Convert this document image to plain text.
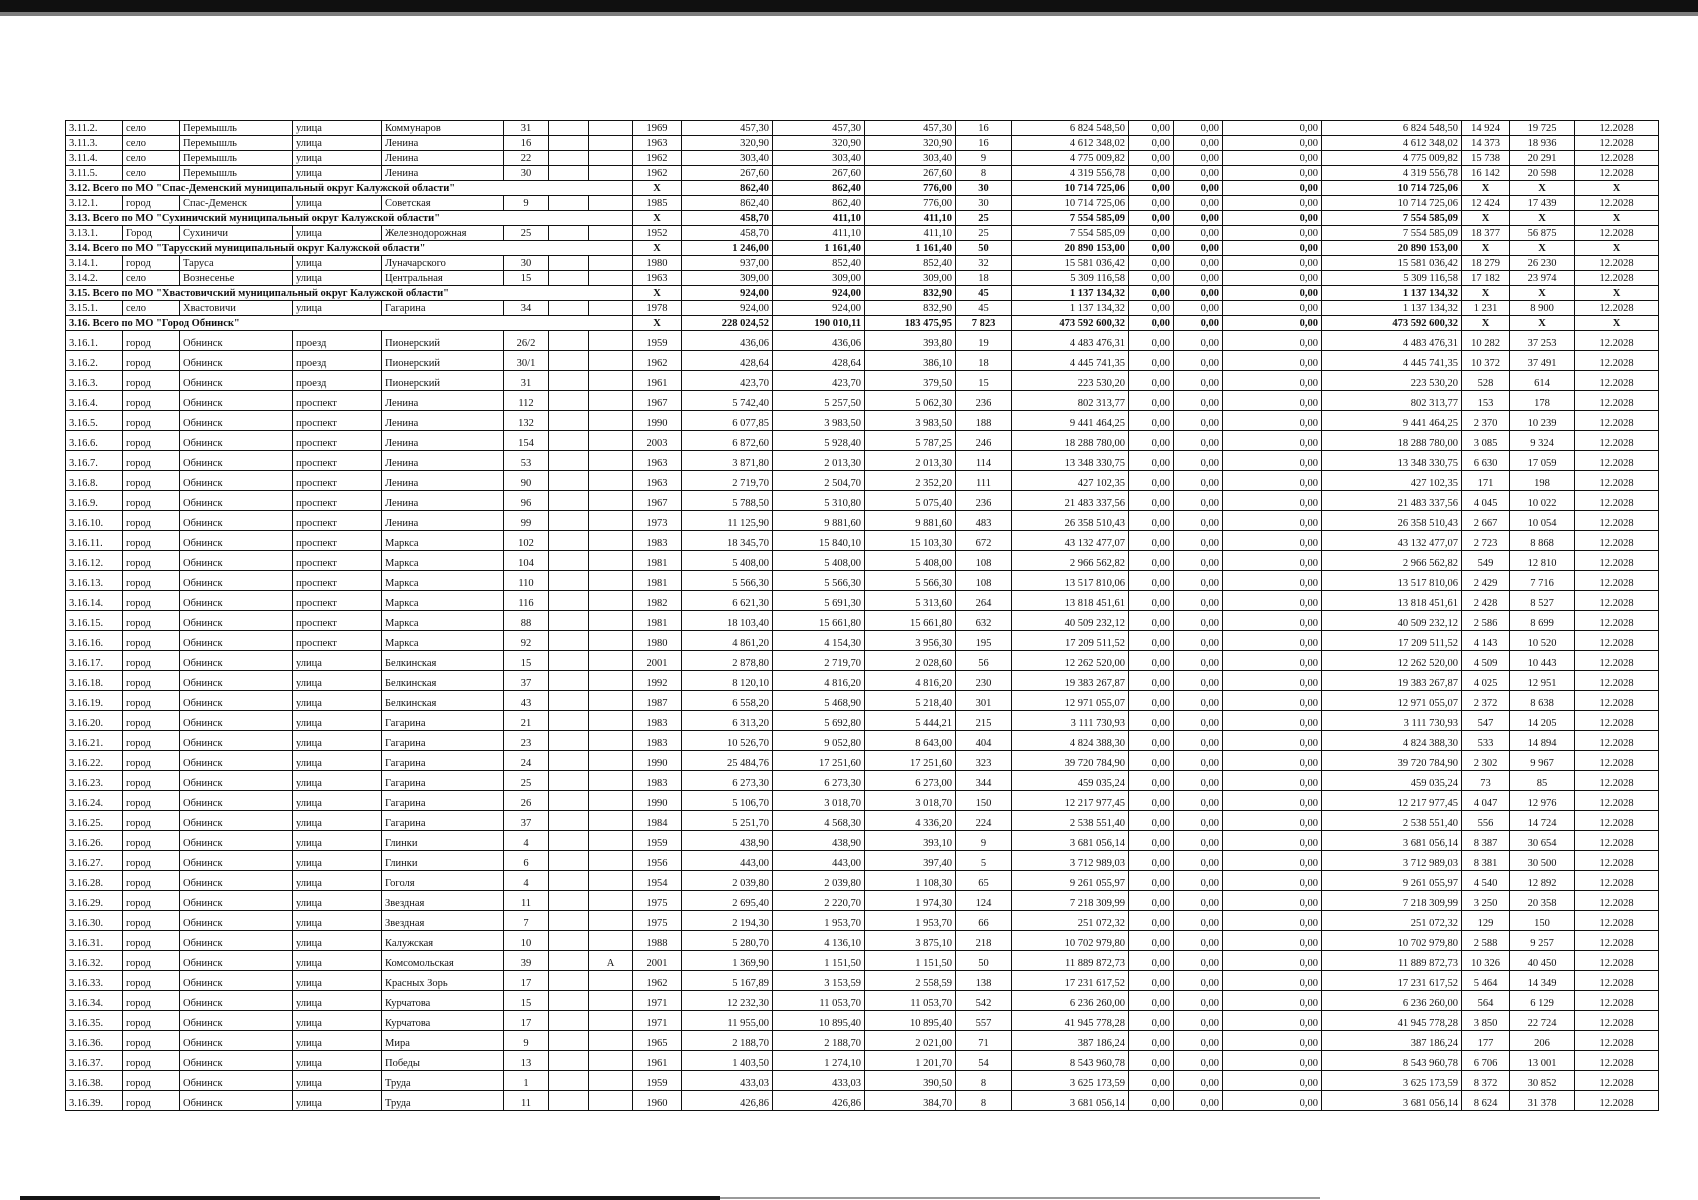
3.11.2.	село	Перемышль	улица	Коммунаров	31			1969	457,30	457,30	457,30	16	6 824 548,50	0,00	0,00	0,00	6 824 548,50	14 924	19 725	12.2028
3.11.3.	село	Перемышль	улица	Ленина	16			1963	320,90	320,90	320,90	16	4 612 348,02	0,00	0,00	0,00	4 612 348,02	14 373	18 936	12.2028
3.11.4.	село	Перемышль	улица	Ленина	22			1962	303,40	303,40	303,40	9	4 775 009,82	0,00	0,00	0,00	4 775 009,82	15 738	20 291	12.2028
3.11.5.	село	Перемышль	улица	Ленина	30			1962	267,60	267,60	267,60	8	4 319 556,78	0,00	0,00	0,00	4 319 556,78	16 142	20 598	12.2028
3.12. Всего по МО "Спас-Деменский муниципальный округ Калужской области"								X	862,40	862,40	776,00	30	10 714 725,06	0,00	0,00	0,00	10 714 725,06	X	X	X
3.12.1.	город	Спас-Деменск	улица	Советская	9			1985	862,40	862,40	776,00	30	10 714 725,06	0,00	0,00	0,00	10 714 725,06	12 424	17 439	12.2028
3.13. Всего по МО "Сухиничский муниципальный округ Калужской области"								X	458,70	411,10	411,10	25	7 554 585,09	0,00	0,00	0,00	7 554 585,09	X	X	X
3.13.1.	Город	Сухиничи	улица	Железнодорожная	25			1952	458,70	411,10	411,10	25	7 554 585,09	0,00	0,00	0,00	7 554 585,09	18 377	56 875	12.2028
3.14. Всего по МО "Тарусский муниципальный округ Калужской области"								X	1 246,00	1 161,40	1 161,40	50	20 890 153,00	0,00	0,00	0,00	20 890 153,00	X	X	X
3.14.1.	город	Таруса	улица	Луначарского	30			1980	937,00	852,40	852,40	32	15 581 036,42	0,00	0,00	0,00	15 581 036,42	18 279	26 230	12.2028
3.14.2.	село	Вознесенье	улица	Центральная	15			1963	309,00	309,00	309,00	18	5 309 116,58	0,00	0,00	0,00	5 309 116,58	17 182	23 974	12.2028
3.15. Всего по МО "Хвастовичский муниципальный округ Калужской области"								X	924,00	924,00	832,90	45	1 137 134,32	0,00	0,00	0,00	1 137 134,32	X	X	X
3.15.1.	село	Хвастовичи	улица	Гагарина	34			1978	924,00	924,00	832,90	45	1 137 134,32	0,00	0,00	0,00	1 137 134,32	1 231	8 900	12.2028
3.16. Всего по МО "Город Обнинск"								X	228 024,52	190 010,11	183 475,95	7 823	473 592 600,32	0,00	0,00	0,00	473 592 600,32	X	X	X
3.16.1.	город	Обнинск	проезд	Пионерский	26/2			1959	436,06	436,06	393,80	19	4 483 476,31	0,00	0,00	0,00	4 483 476,31	10 282	37 253	12.2028
3.16.2.	город	Обнинск	проезд	Пионерский	30/1			1962	428,64	428,64	386,10	18	4 445 741,35	0,00	0,00	0,00	4 445 741,35	10 372	37 491	12.2028
3.16.3.	город	Обнинск	проезд	Пионерский	31			1961	423,70	423,70	379,50	15	223 530,20	0,00	0,00	0,00	223 530,20	528	614	12.2028
3.16.4.	город	Обнинск	проспект	Ленина	112			1967	5 742,40	5 257,50	5 062,30	236	802 313,77	0,00	0,00	0,00	802 313,77	153	178	12.2028
3.16.5.	город	Обнинск	проспект	Ленина	132			1990	6 077,85	3 983,50	3 983,50	188	9 441 464,25	0,00	0,00	0,00	9 441 464,25	2 370	10 239	12.2028
3.16.6.	город	Обнинск	проспект	Ленина	154			2003	6 872,60	5 928,40	5 787,25	246	18 288 780,00	0,00	0,00	0,00	18 288 780,00	3 085	9 324	12.2028
3.16.7.	город	Обнинск	проспект	Ленина	53			1963	3 871,80	2 013,30	2 013,30	114	13 348 330,75	0,00	0,00	0,00	13 348 330,75	6 630	17 059	12.2028
3.16.8.	город	Обнинск	проспект	Ленина	90			1963	2 719,70	2 504,70	2 352,20	111	427 102,35	0,00	0,00	0,00	427 102,35	171	198	12.2028
3.16.9.	город	Обнинск	проспект	Ленина	96			1967	5 788,50	5 310,80	5 075,40	236	21 483 337,56	0,00	0,00	0,00	21 483 337,56	4 045	10 022	12.2028
3.16.10.	город	Обнинск	проспект	Ленина	99			1973	11 125,90	9 881,60	9 881,60	483	26 358 510,43	0,00	0,00	0,00	26 358 510,43	2 667	10 054	12.2028
3.16.11.	город	Обнинск	проспект	Маркса	102			1983	18 345,70	15 840,10	15 103,30	672	43 132 477,07	0,00	0,00	0,00	43 132 477,07	2 723	8 868	12.2028
3.16.12.	город	Обнинск	проспект	Маркса	104			1981	5 408,00	5 408,00	5 408,00	108	2 966 562,82	0,00	0,00	0,00	2 966 562,82	549	12 810	12.2028
3.16.13.	город	Обнинск	проспект	Маркса	110			1981	5 566,30	5 566,30	5 566,30	108	13 517 810,06	0,00	0,00	0,00	13 517 810,06	2 429	7 716	12.2028
3.16.14.	город	Обнинск	проспект	Маркса	116			1982	6 621,30	5 691,30	5 313,60	264	13 818 451,61	0,00	0,00	0,00	13 818 451,61	2 428	8 527	12.2028
3.16.15.	город	Обнинск	проспект	Маркса	88			1981	18 103,40	15 661,80	15 661,80	632	40 509 232,12	0,00	0,00	0,00	40 509 232,12	2 586	8 699	12.2028
3.16.16.	город	Обнинск	проспект	Маркса	92			1980	4 861,20	4 154,30	3 956,30	195	17 209 511,52	0,00	0,00	0,00	17 209 511,52	4 143	10 520	12.2028
3.16.17.	город	Обнинск	улица	Белкинская	15			2001	2 878,80	2 719,70	2 028,60	56	12 262 520,00	0,00	0,00	0,00	12 262 520,00	4 509	10 443	12.2028
3.16.18.	город	Обнинск	улица	Белкинская	37			1992	8 120,10	4 816,20	4 816,20	230	19 383 267,87	0,00	0,00	0,00	19 383 267,87	4 025	12 951	12.2028
3.16.19.	город	Обнинск	улица	Белкинская	43			1987	6 558,20	5 468,90	5 218,40	301	12 971 055,07	0,00	0,00	0,00	12 971 055,07	2 372	8 638	12.2028
3.16.20.	город	Обнинск	улица	Гагарина	21			1983	6 313,20	5 692,80	5 444,21	215	3 111 730,93	0,00	0,00	0,00	3 111 730,93	547	14 205	12.2028
3.16.21.	город	Обнинск	улица	Гагарина	23			1983	10 526,70	9 052,80	8 643,00	404	4 824 388,30	0,00	0,00	0,00	4 824 388,30	533	14 894	12.2028
3.16.22.	город	Обнинск	улица	Гагарина	24			1990	25 484,76	17 251,60	17 251,60	323	39 720 784,90	0,00	0,00	0,00	39 720 784,90	2 302	9 967	12.2028
3.16.23.	город	Обнинск	улица	Гагарина	25			1983	6 273,30	6 273,30	6 273,00	344	459 035,24	0,00	0,00	0,00	459 035,24	73	85	12.2028
3.16.24.	город	Обнинск	улица	Гагарина	26			1990	5 106,70	3 018,70	3 018,70	150	12 217 977,45	0,00	0,00	0,00	12 217 977,45	4 047	12 976	12.2028
3.16.25.	город	Обнинск	улица	Гагарина	37			1984	5 251,70	4 568,30	4 336,20	224	2 538 551,40	0,00	0,00	0,00	2 538 551,40	556	14 724	12.2028
3.16.26.	город	Обнинск	улица	Глинки	4			1959	438,90	438,90	393,10	9	3 681 056,14	0,00	0,00	0,00	3 681 056,14	8 387	30 654	12.2028
3.16.27.	город	Обнинск	улица	Глинки	6			1956	443,00	443,00	397,40	5	3 712 989,03	0,00	0,00	0,00	3 712 989,03	8 381	30 500	12.2028
3.16.28.	город	Обнинск	улица	Гоголя	4			1954	2 039,80	2 039,80	1 108,30	65	9 261 055,97	0,00	0,00	0,00	9 261 055,97	4 540	12 892	12.2028
3.16.29.	город	Обнинск	улица	Звездная	11			1975	2 695,40	2 220,70	1 974,30	124	7 218 309,99	0,00	0,00	0,00	7 218 309,99	3 250	20 358	12.2028
3.16.30.	город	Обнинск	улица	Звездная	7			1975	2 194,30	1 953,70	1 953,70	66	251 072,32	0,00	0,00	0,00	251 072,32	129	150	12.2028
3.16.31.	город	Обнинск	улица	Калужская	10			1988	5 280,70	4 136,10	3 875,10	218	10 702 979,80	0,00	0,00	0,00	10 702 979,80	2 588	9 257	12.2028
3.16.32.	город	Обнинск	улица	Комсомольская	39		А	2001	1 369,90	1 151,50	1 151,50	50	11 889 872,73	0,00	0,00	0,00	11 889 872,73	10 326	40 450	12.2028
3.16.33.	город	Обнинск	улица	Красных Зорь	17			1962	5 167,89	3 153,59	2 558,59	138	17 231 617,52	0,00	0,00	0,00	17 231 617,52	5 464	14 349	12.2028
3.16.34.	город	Обнинск	улица	Курчатова	15			1971	12 232,30	11 053,70	11 053,70	542	6 236 260,00	0,00	0,00	0,00	6 236 260,00	564	6 129	12.2028
3.16.35.	город	Обнинск	улица	Курчатова	17			1971	11 955,00	10 895,40	10 895,40	557	41 945 778,28	0,00	0,00	0,00	41 945 778,28	3 850	22 724	12.2028
3.16.36.	город	Обнинск	улица	Мира	9			1965	2 188,70	2 188,70	2 021,00	71	387 186,24	0,00	0,00	0,00	387 186,24	177	206	12.2028
3.16.37.	город	Обнинск	улица	Победы	13			1961	1 403,50	1 274,10	1 201,70	54	8 543 960,78	0,00	0,00	0,00	8 543 960,78	6 706	13 001	12.2028
3.16.38.	город	Обнинск	улица	Труда	1			1959	433,03	433,03	390,50	8	3 625 173,59	0,00	0,00	0,00	3 625 173,59	8 372	30 852	12.2028
3.16.39.	город	Обнинск	улица	Труда	11			1960	426,86	426,86	384,70	8	3 681 056,14	0,00	0,00	0,00	3 681 056,14	8 624	31 378	12.2028
